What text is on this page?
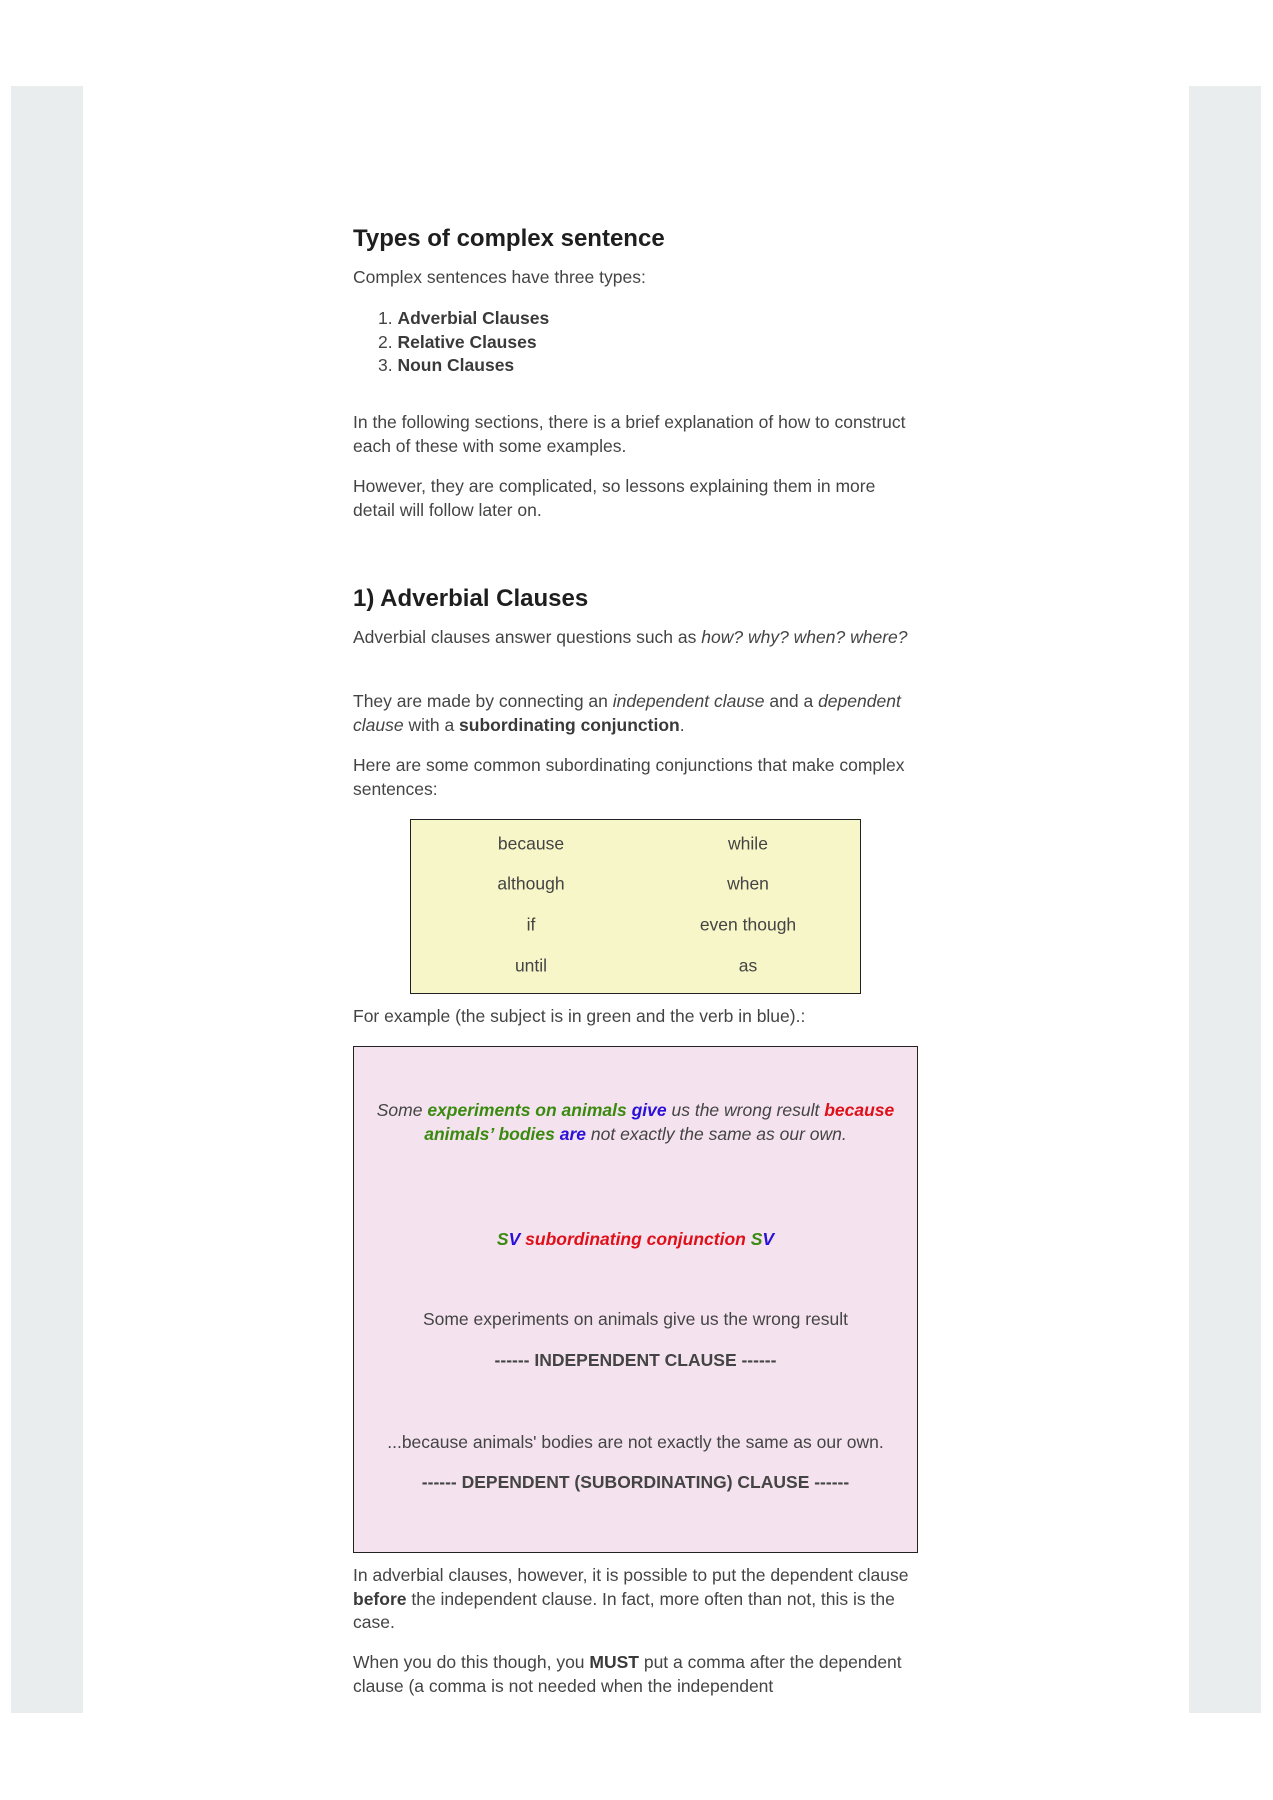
Types of complex sentence

Complex sentences have three types:

1. Adverbial Clauses
2. Relative Clauses
3. Noun Clauses

In the following sections, there is a brief explanation of how to construct each of these with some examples.

However, they are complicated, so lessons explaining them in more detail will follow later on.

1) Adverbial Clauses

Adverbial clauses answer questions such as how? why? when? where?

They are made by connecting an independent clause and a dependent clause with a subordinating conjunction.

Here are some common subordinating conjunctions that make complex sentences:

because	while
although	when
if	even though
until	as

For example (the subject is in green and the verb in blue).:

Some experiments on animals give us the wrong result because animals’ bodies are not exactly the same as our own.
SV subordinating conjunction SV
Some experiments on animals give us the wrong result
------ INDEPENDENT CLAUSE ------
...because animals' bodies are not exactly the same as our own.
------ DEPENDENT (SUBORDINATING) CLAUSE ------

In adverbial clauses, however, it is possible to put the dependent clause before the independent clause. In fact, more often than not, this is the case.

When you do this though, you MUST put a comma after the dependent clause (a comma is not needed when the independent
